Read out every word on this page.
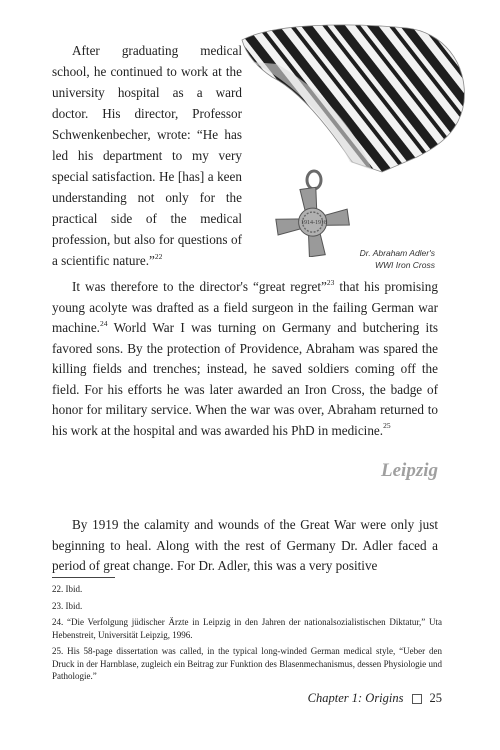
After graduating medical school, he continued to work at the university hospital as a ward doctor. His director, Professor Schwenkenbecher, wrote: “He has led his department to my very special satisfaction. He [has] a keen understanding not only for the practical side of the medical profession, but also for questions of a scientific nature.”$^{22}$
1914-1918
Dr. Abraham Adler's
WWI Iron Cross
It was therefore to the director's “great regret”$^{23}$ that his promising young acolyte was drafted as a field surgeon in the failing German war machine.$^{24}$ World War I was turning on Germany and butchering its favored sons. By the protection of Providence, Abraham was spared the killing fields and trenches; instead, he saved soldiers coming off the field. For his efforts he was later awarded an Iron Cross, the badge of honor for military service. When the war was over, Abraham returned to his work at the hospital and was awarded his PhD in medicine.$^{25}$
Leipzig
By 1919 the calamity and wounds of the Great War were only just beginning to heal. Along with the rest of Germany Dr. Adler faced a period of great change. For Dr. Adler, this was a very positive
22. Ibid.
23. Ibid.
24. “Die Verfolgung jüdischer Ärzte in Leipzig in den Jahren der nationalsozialistischen Diktatur,” Uta Hebenstreit, Universität Leipzig, 1996.
25. His 58-page dissertation was called, in the typical long-winded German medical style, “Ueber den Druck in der Harnblase, zugleich ein Beitrag zur Funktion des Blasenmechanismus, dessen Physiologie und Pathologie.”
Chapter 1: Origins 25
